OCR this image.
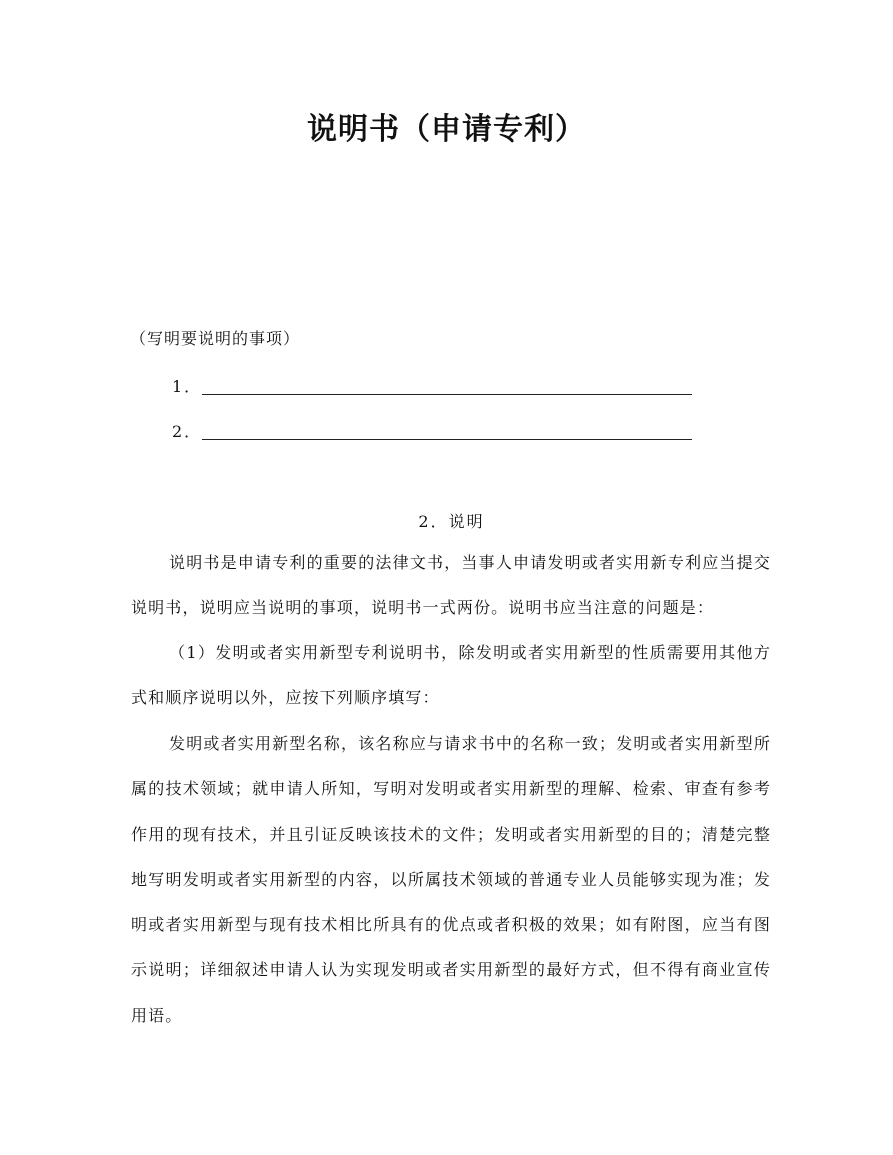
说明书（申请专利）
（写明要说明的事项）
1．
2．
2．说明

说明书是申请专利的重要的法律文书，当事人申请发明或者实用新专利应当提交说明书，说明应当说明的事项，说明书一式两份。说明书应当注意的问题是：

（1）发明或者实用新型专利说明书，除发明或者实用新型的性质需要用其他方式和顺序说明以外，应按下列顺序填写：

发明或者实用新型名称，该名称应与请求书中的名称一致；发明或者实用新型所属的技术领域；就申请人所知，写明对发明或者实用新型的理解、检索、审查有参考作用的现有技术，并且引证反映该技术的文件；发明或者实用新型的目的；清楚完整地写明发明或者实用新型的内容，以所属技术领域的普通专业人员能够实现为准；发明或者实用新型与现有技术相比所具有的优点或者积极的效果；如有附图，应当有图示说明；详细叙述申请人认为实现发明或者实用新型的最好方式，但不得有商业宣传用语。
